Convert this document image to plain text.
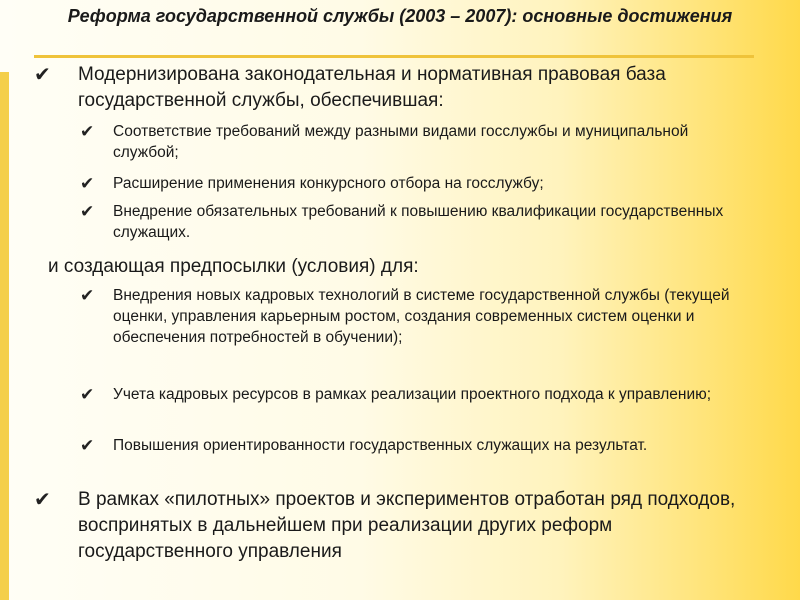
Реформа государственной службы (2003 – 2007): основные достижения
✔ Модернизирована законодательная и нормативная правовая база государственной службы, обеспечившая:
✔ Соответствие требований между разными видами госслужбы и муниципальной службой;
✔ Расширение применения конкурсного отбора на госслужбу;
✔ Внедрение обязательных требований к повышению квалификации государственных служащих.
и создающая предпосылки (условия) для:
✔ Внедрения новых кадровых технологий в системе государственной службы (текущей оценки, управления карьерным ростом, создания современных систем оценки и обеспечения потребностей в обучении);
✔ Учета кадровых ресурсов в рамках реализации проектного подхода к управлению;
✔ Повышения ориентированности государственных служащих на результат.
✔ В рамках «пилотных» проектов и экспериментов отработан ряд подходов, воспринятых в дальнейшем при реализации других реформ государственного управления
